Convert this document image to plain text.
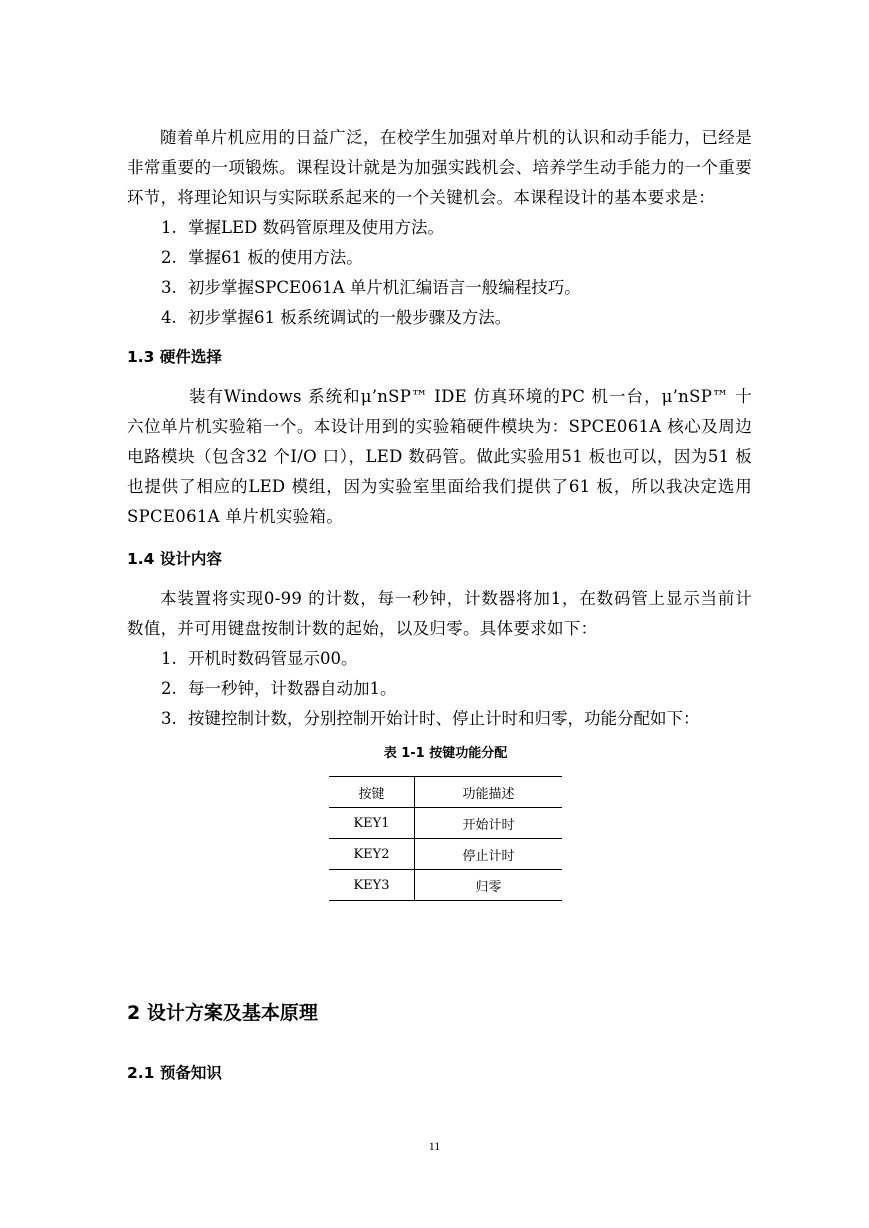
随着单片机应用的日益广泛，在校学生加强对单片机的认识和动手能力，已经是非常重要的一项锻炼。课程设计就是为加强实践机会、培养学生动手能力的一个重要环节，将理论知识与实际联系起来的一个关键机会。本课程设计的基本要求是：

1. 掌握LED 数码管原理及使用方法。
2. 掌握61 板的使用方法。
3. 初步掌握SPCE061A 单片机汇编语言一般编程技巧。
4. 初步掌握61 板系统调试的一般步骤及方法。
1.3 硬件选择

装有Windows 系统和μ’nSP™ IDE 仿真环境的PC 机一台，μ’nSP™ 十六位单片机实验箱一个。本设计用到的实验箱硬件模块为：SPCE061A 核心及周边电路模块（包含32 个I/O 口），LED 数码管。做此实验用51 板也可以，因为51 板也提供了相应的LED 模组，因为实验室里面给我们提供了61 板，所以我决定选用SPCE061A 单片机实验箱。

1.4 设计内容

本装置将实现0-99 的计数，每一秒钟，计数器将加1，在数码管上显示当前计数值，并可用键盘按制计数的起始，以及归零。具体要求如下：

1. 开机时数码管显示00。
2. 每一秒钟，计数器自动加1。
3. 按键控制计数，分别控制开始计时、停止计时和归零，功能分配如下：
表 1-1 按键功能分配
按键	功能描述
KEY1	开始计时
KEY2	停止计时
KEY3	归零
2 设计方案及基本原理
2.1 预备知识
11
